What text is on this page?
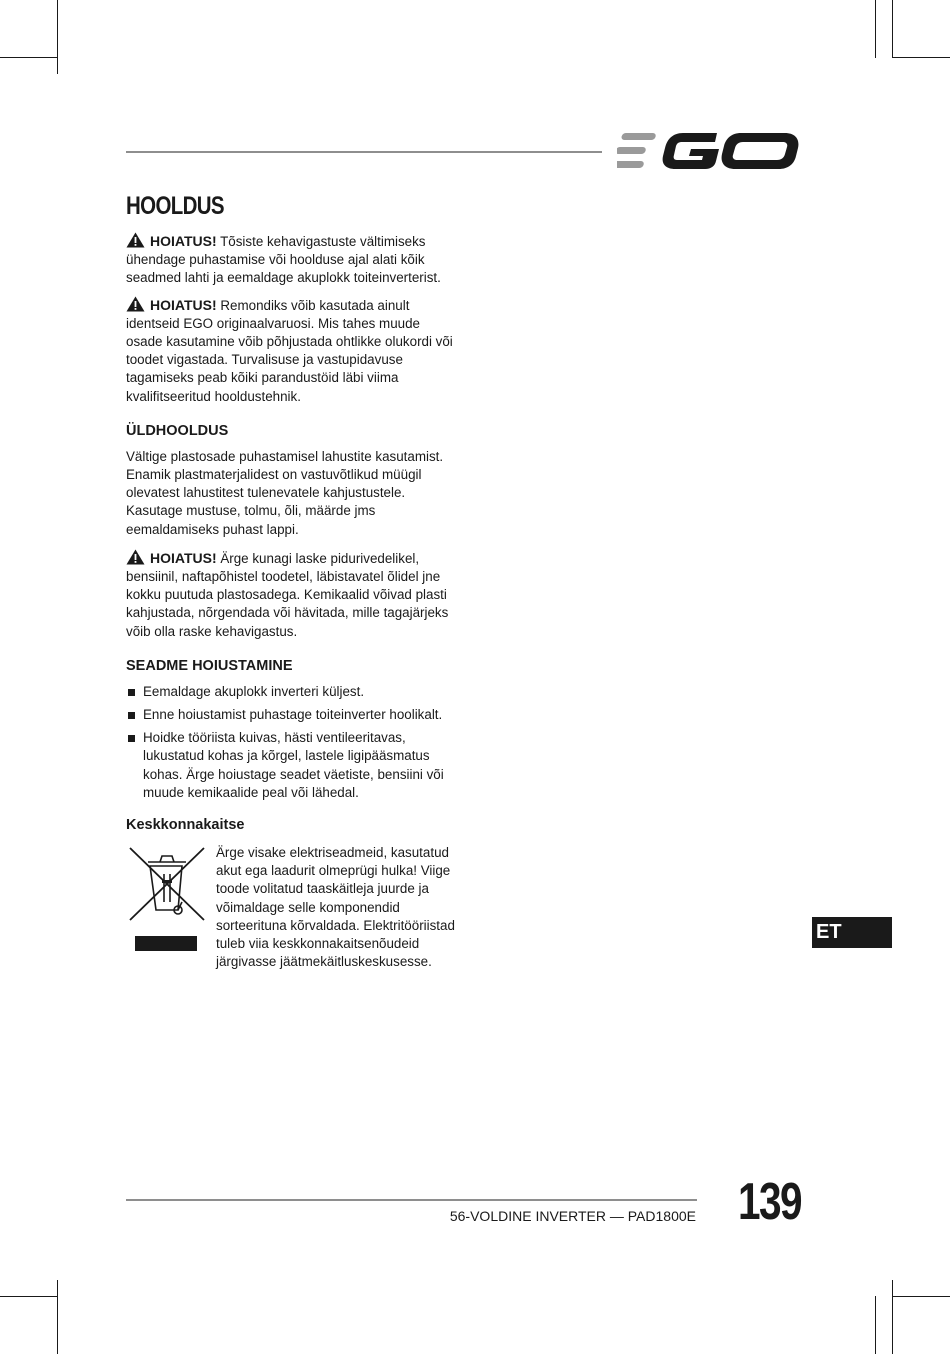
HOOLDUS

HOIATUS! Tõsiste kehavigastuste vältimiseks ühendage puhastamise või hoolduse ajal alati kõik seadmed lahti ja eemaldage akuplokk toiteinverterist.

HOIATUS! Remondiks võib kasutada ainult identseid EGO originaalvaruosi. Mis tahes muude osade kasutamine võib põhjustada ohtlikke olukordi või toodet vigastada. Turvalisuse ja vastupidavuse tagamiseks peab kõiki parandustöid läbi viima kvalifitseeritud hooldustehnik.

ÜLDHOOLDUS

Vältige plastosade puhastamisel lahustite kasutamist. Enamik plastmaterjalidest on vastuvõtlikud müügil olevatest lahustitest tulenevatele kahjustustele. Kasutage mustuse, tolmu, õli, määrde jms eemaldamiseks puhast lappi.

HOIATUS! Ärge kunagi laske pidurivedelikel, bensiinil, naftapõhistel toodetel, läbistavatel õlidel jne kokku puutuda plastosadega. Kemikaalid võivad plasti kahjustada, nõrgendada või hävitada, mille tagajärjeks võib olla raske kehavigastus.

SEADME HOIUSTAMINE
Eemaldage akuplokk inverteri küljest.
Enne hoiustamist puhastage toiteinverter hoolikalt.
Hoidke tööriista kuivas, hästi ventileeritavas, lukustatud kohas ja kõrgel, lastele ligipääsmatus kohas. Ärge hoiustage seadet väetiste, bensiini või muude kemikaalide peal või lähedal.
Keskkonnakaitse

Ärge visake elektriseadmeid, kasutatud akut ega laadurit olmeprügi hulka! Viige toode volitatud taaskäitleja juurde ja võimaldage selle komponendid sorteerituna kõrvaldada. Elektritööriistad tuleb viia keskkonnakaitsenõudeid järgivasse jäätmekäitluskeskusesse.

ET
56-VOLDINE INVERTER — PAD1800E 139
